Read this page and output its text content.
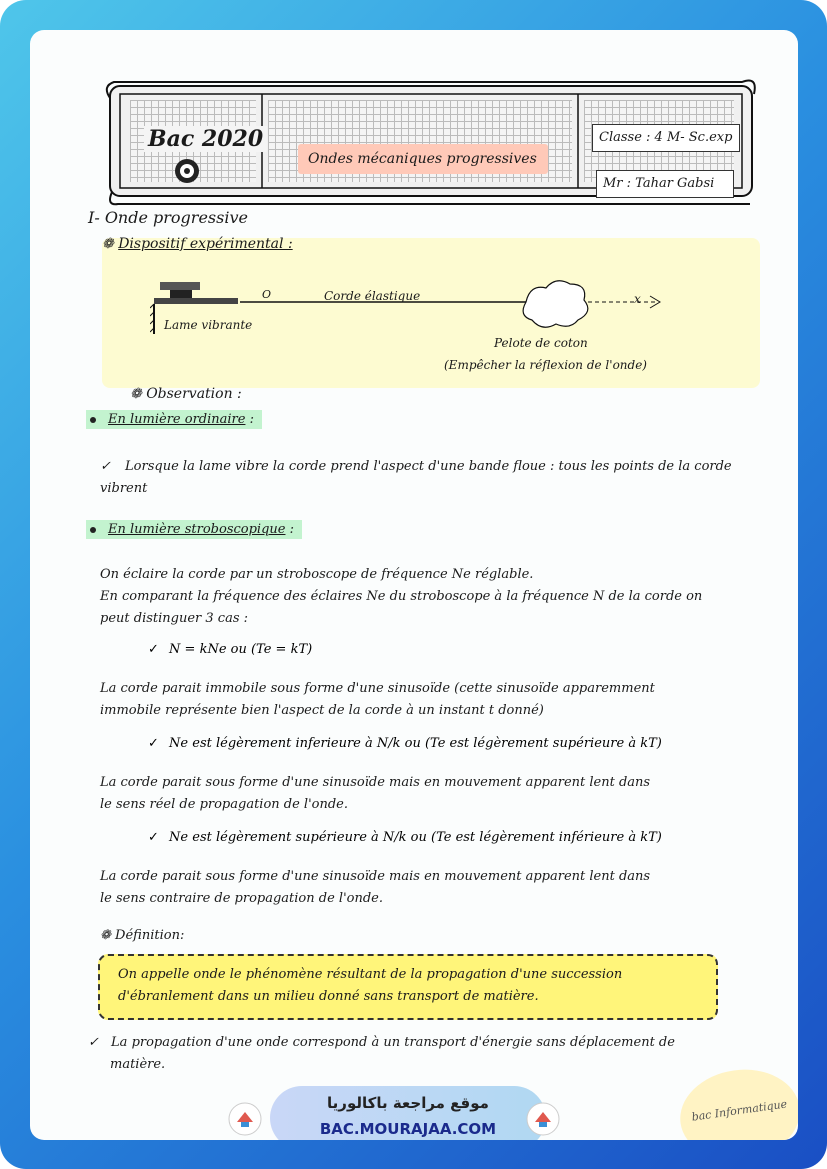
Bac 2020
Ondes mécaniques progressives
Classe : 4 M- Sc.exp
Mr : Tahar Gabsi
I- Onde progressive
❁ Dispositif expérimental :
O	Corde élastique	x
Lame vibrante
Pelote de coton
(Empêcher la réflexion de l'onde)
❁ Observation :
En lumière ordinaire :
✓ Lorsque la lame vibre la corde prend l'aspect d'une bande floue : tous les points de la corde vibrent
En lumière stroboscopique :
On éclaire la corde par un stroboscope de fréquence Ne réglable.
En comparant la fréquence des éclaires Ne du stroboscope à la fréquence N de la corde on
peut distinguer 3 cas :
✓ N = kNe ou (Te = kT)
La corde parait immobile sous forme d'une sinusoïde (cette sinusoïde apparemment
immobile représente bien l'aspect de la corde à un instant t donné)
✓ Ne est légèrement inferieure à N/k ou (Te est légèrement supérieure à kT)
La corde parait sous forme d'une sinusoïde mais en mouvement apparent lent dans
le sens réel de propagation de l'onde.
✓ Ne est légèrement supérieure à N/k ou (Te est légèrement inférieure à kT)
La corde parait sous forme d'une sinusoïde mais en mouvement apparent lent dans
le sens contraire de propagation de l'onde.
❁ Définition:
On appelle onde le phénomène résultant de la propagation d'une succession
d'ébranlement dans un milieu donné sans transport de matière.
✓ La propagation d'une onde correspond à un transport d'énergie sans déplacement de
matière.
موقع مراجعة باكالوريا
BAC.MOURAJAA.COM
bac Informatique
